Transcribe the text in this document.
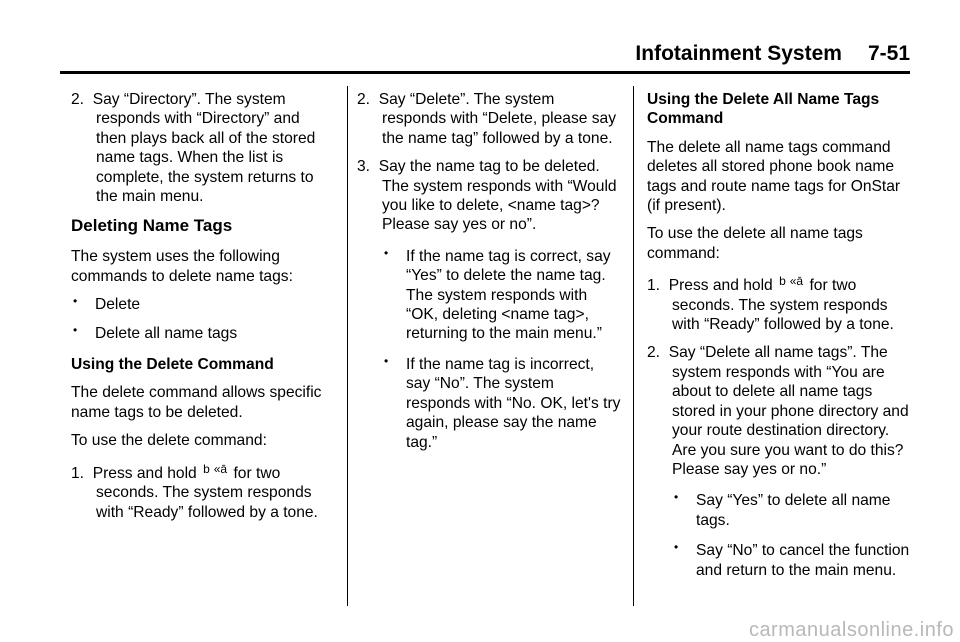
Infotainment System 7-51

2. Say “Directory”. The system responds with “Directory” and then plays back all of the stored name tags. When the list is complete, the system returns to the main menu.

Deleting Name Tags

The system uses the following commands to delete name tags:

• Delete

• Delete all name tags

Using the Delete Command

The delete command allows specific name tags to be deleted.

To use the delete command:

1. Press and hold $^b$ $^{«ā}$ for two seconds. The system responds with “Ready” followed by a tone.

2. Say “Delete”. The system responds with “Delete, please say the name tag” followed by a tone.

3. Say the name tag to be deleted. The system responds with “Would you like to delete, <name tag>? Please say yes or no”.

• If the name tag is correct, say “Yes” to delete the name tag. The system responds with “OK, deleting <name tag>, returning to the main menu.”

• If the name tag is incorrect, say “No”. The system responds with “No. OK, let's try again, please say the name tag.”

Using the Delete All Name Tags Command

The delete all name tags command deletes all stored phone book name tags and route name tags for OnStar (if present).

To use the delete all name tags command:

1. Press and hold $^b$ $^{«ā}$ for two seconds. The system responds with “Ready” followed by a tone.

2. Say “Delete all name tags”. The system responds with “You are about to delete all name tags stored in your phone directory and your route destination directory. Are you sure you want to do this? Please say yes or no.”

• Say “Yes” to delete all name tags.

• Say “No” to cancel the function and return to the main menu.

carmanualsonline.info
